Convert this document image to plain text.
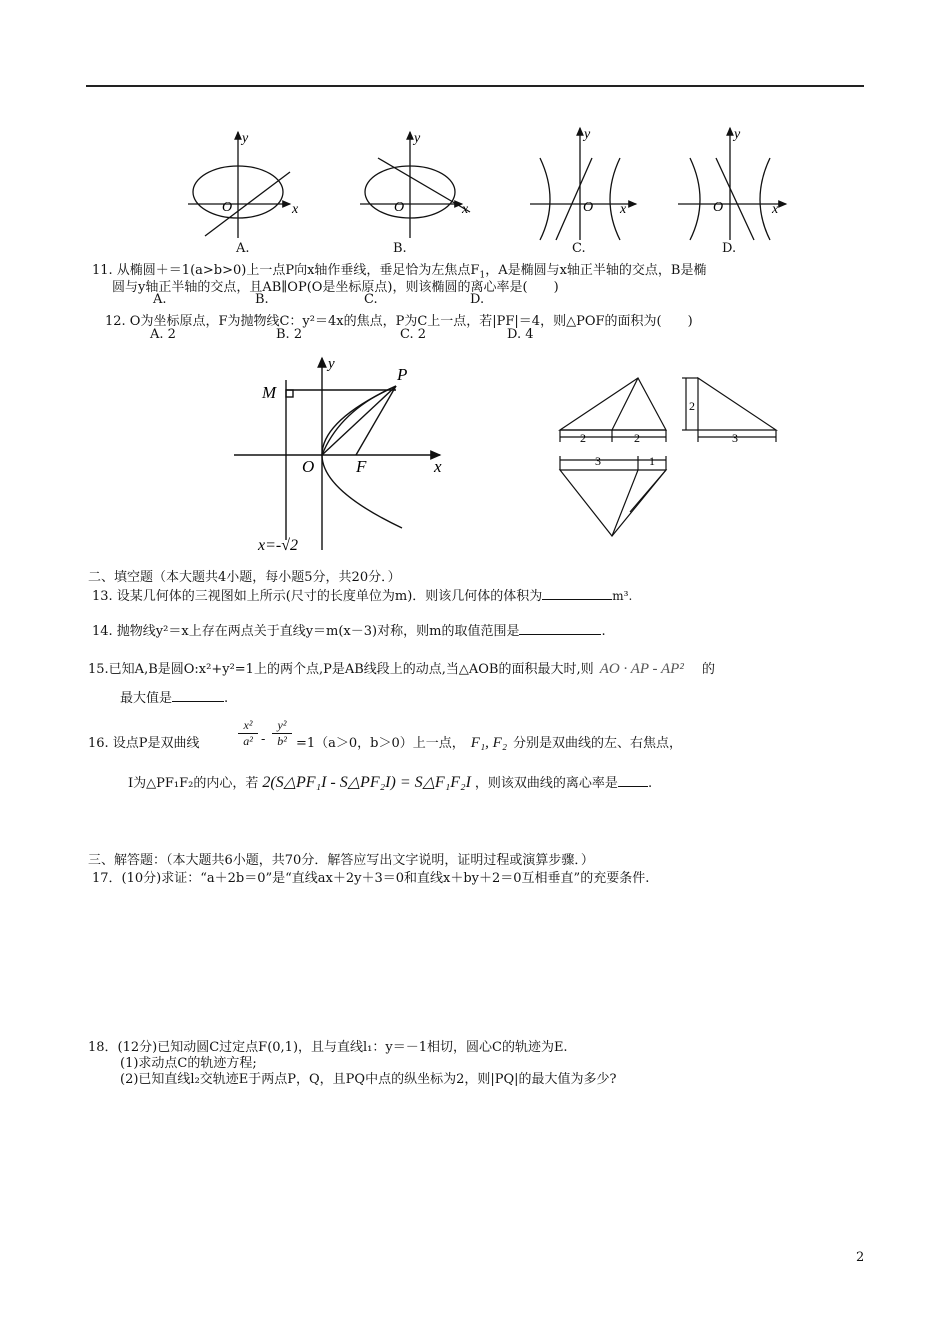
y
O	x
y
O	x
y
O x
y
O	x
A.	B.	C.	D.
11. 从椭圆＋＝1(a>b>0)上一点P向x轴作垂线，垂足恰为左焦点$F_1$，A是椭圆与x轴正半轴的交点，B是椭
圆与y轴正半轴的交点，且AB∥OP(O是坐标原点)，则该椭圆的离心率是(　　)
A.	B.	C.	D.
12. O为坐标原点，F为抛物线C：y²＝4x的焦点，P为C上一点，若|PF|＝4，则△POF的面积为(　　)
A. 2	B. 2	C. 2	D. 4
M
P
y
x
O F
x=-√2
2	2
2
3
3	1
二、填空题（本大题共4小题，每小题5分，共20分．）
13. 设某几何体的三视图如上所示(尺寸的长度单位为m)．则该几何体的体积为	m³.
14. 抛物线y²＝x上存在两点关于直线y＝m(x－3)对称，则m的取值范围是	.
15.已知A,B是圆O:x²+y²=1上的两个点,P是AB线段上的动点,当△AOB的面积最大时,则 AO · AP - AP² 的
最大值是	.
16. 设点P是双曲线
x²
a² -
y²
b² =1（a＞0，b＞0）上一点， F₁, F₂ 分别是双曲线的左、右焦点，
I为△PF₁F₂的内心，若 2(S△PF₁I - S△PF₂I) = S△F₁F₂I ，则该双曲线的离心率是 .
三、解答题：（本大题共6小题，共70分．解答应写出文字说明，证明过程或演算步骤．）
17．(10分)求证：“a＋2b＝0”是“直线ax＋2y＋3＝0和直线x＋by＋2＝0互相垂直”的充要条件.
18．(12分)已知动圆C过定点F(0,1)，且与直线l₁：y＝－1相切，圆心C的轨迹为E.
(1)求动点C的轨迹方程;
(2)已知直线l₂交轨迹E于两点P，Q，且PQ中点的纵坐标为2，则|PQ|的最大值为多少?
2
